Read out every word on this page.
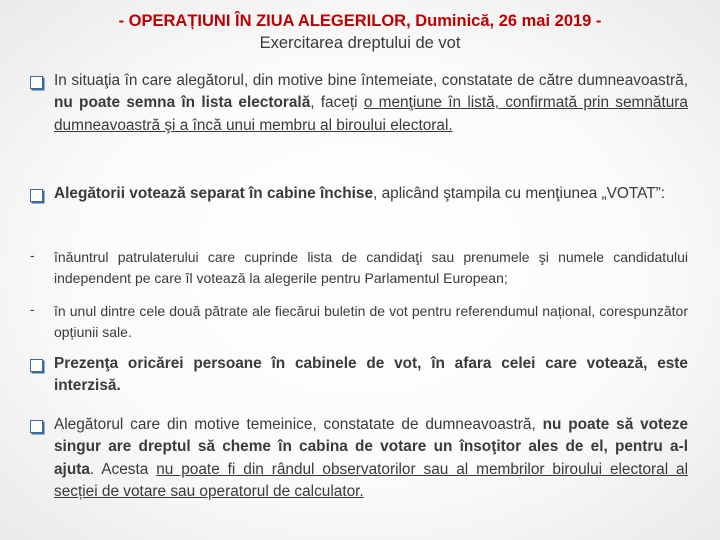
- OPERAȚIUNI ÎN ZIUA ALEGERILOR, Duminică, 26 mai 2019 -
Exercitarea dreptului de vot
In situaţia în care alegătorul, din motive bine întemeiate, constatate de către dumneavoastră, nu poate semna în lista electorală, faceți o menţiune în listă, confirmată prin semnătura dumneavoastră şi a încă unui membru al biroului electoral.
Alegătorii votează separat în cabine închise, aplicând ştampila cu menţiunea „VOTAT”:
- înăuntrul patrulaterului care cuprinde lista de candidaţi sau prenumele şi numele candidatului independent pe care îl votează la alegerile pentru Parlamentul European;
- în unul dintre cele două pătrate ale fiecărui buletin de vot pentru referendumul național, corespunzător opțiunii sale.
Prezenţa oricărei persoane în cabinele de vot, în afara celei care votează, este interzisă.
Alegătorul care din motive temeinice, constatate de dumneavoastră, nu poate să voteze singur are dreptul să cheme în cabina de votare un însoţitor ales de el, pentru a-l ajuta. Acesta nu poate fi din rândul observatorilor sau al membrilor biroului electoral al secției de votare sau operatorul de calculator.
